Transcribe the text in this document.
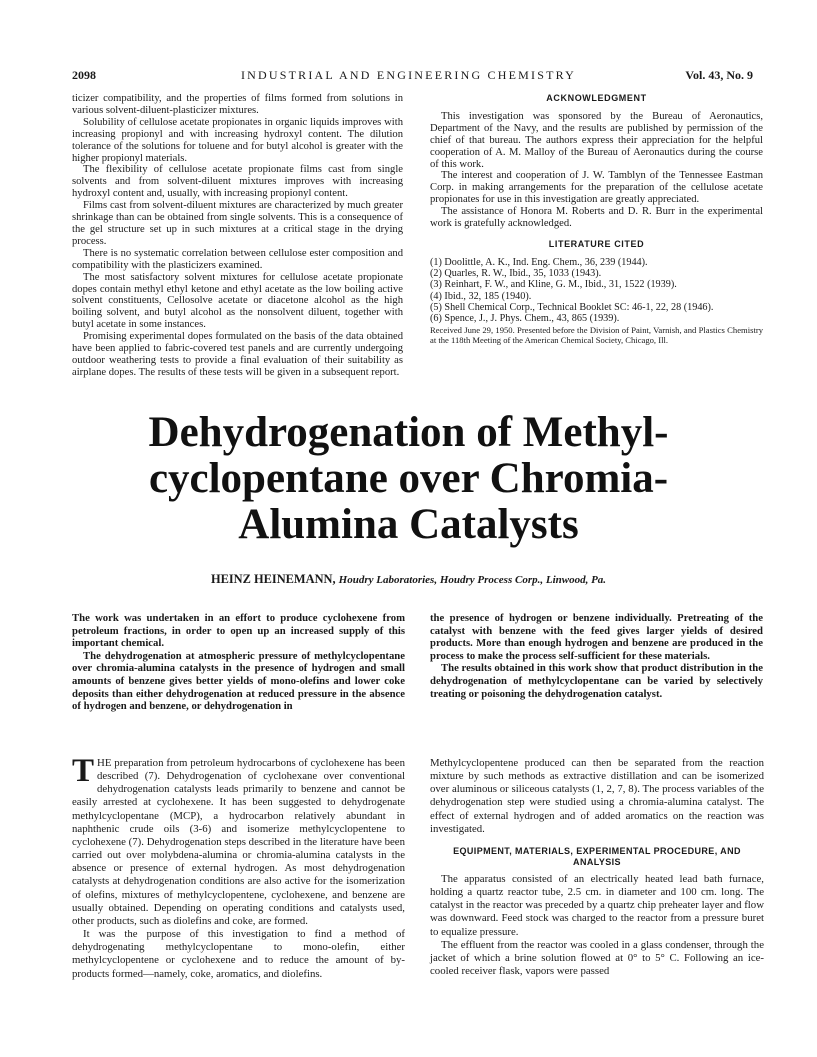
2098	INDUSTRIAL AND ENGINEERING CHEMISTRY	Vol. 43, No. 9

ticizer compatibility, and the properties of films formed from solutions in various solvent-diluent-plasticizer mixtures.

Solubility of cellulose acetate propionates in organic liquids improves with increasing propionyl and with increasing hydroxyl content. The dilution tolerance of the solutions for toluene and for butyl alcohol is greater with the higher propionyl materials.

The flexibility of cellulose acetate propionate films cast from single solvents and from solvent-diluent mixtures improves with increasing hydroxyl content and, usually, with increasing propionyl content.

Films cast from solvent-diluent mixtures are characterized by much greater shrinkage than can be obtained from single solvents. This is a consequence of the gel structure set up in such mixtures at a critical stage in the drying process.

There is no systematic correlation between cellulose ester composition and compatibility with the plasticizers examined.

The most satisfactory solvent mixtures for cellulose acetate propionate dopes contain methyl ethyl ketone and ethyl acetate as the low boiling active solvent constituents, Cellosolve acetate or diacetone alcohol as the high boiling solvent, and butyl alcohol as the nonsolvent diluent, together with butyl acetate in some instances.

Promising experimental dopes formulated on the basis of the data obtained have been applied to fabric-covered test panels and are currently undergoing outdoor weathering tests to provide a final evaluation of their suitability as airplane dopes. The results of these tests will be given in a subsequent report.

ACKNOWLEDGMENT

This investigation was sponsored by the Bureau of Aeronautics, Department of the Navy, and the results are published by permission of the chief of that bureau. The authors express their appreciation for the helpful cooperation of A. M. Malloy of the Bureau of Aeronautics during the course of this work.

The interest and cooperation of J. W. Tamblyn of the Tennessee Eastman Corp. in making arrangements for the preparation of the cellulose acetate propionates for use in this investigation are greatly appreciated.

The assistance of Honora M. Roberts and D. R. Burr in the experimental work is gratefully acknowledged.

LITERATURE CITED

(1) Doolittle, A. K., Ind. Eng. Chem., 36, 239 (1944).

(2) Quarles, R. W., Ibid., 35, 1033 (1943).

(3) Reinhart, F. W., and Kline, G. M., Ibid., 31, 1522 (1939).

(4) Ibid., 32, 185 (1940).

(5) Shell Chemical Corp., Technical Booklet SC: 46-1, 22, 28 (1946).

(6) Spence, J., J. Phys. Chem., 43, 865 (1939).

Received June 29, 1950. Presented before the Division of Paint, Varnish, and Plastics Chemistry at the 118th Meeting of the American Chemical Society, Chicago, Ill.

Dehydrogenation of Methyl-
cyclopentane over Chromia-
Alumina Catalysts
HEINZ HEINEMANN, Houdry Laboratories, Houdry Process Corp., Linwood, Pa.

The work was undertaken in an effort to produce cyclohexene from petroleum fractions, in order to open up an increased supply of this important chemical.

The dehydrogenation at atmospheric pressure of methylcyclopentane over chromia-alumina catalysts in the presence of hydrogen and small amounts of benzene gives better yields of mono-olefins and lower coke deposits than either dehydrogenation at reduced pressure in the absence of hydrogen and benzene, or dehydrogenation in

the presence of hydrogen or benzene individually. Pretreating of the catalyst with benzene with the feed gives larger yields of desired products. More than enough hydrogen and benzene are produced in the process to make the process self-sufficient for these materials.

The results obtained in this work show that product distribution in the dehydrogenation of methylcyclopentane can be varied by selectively treating or poisoning the dehydrogenation catalyst.

THE preparation from petroleum hydrocarbons of cyclohexene has been described (7). Dehydrogenation of cyclohexane over conventional dehydrogenation catalysts leads primarily to benzene and cannot be easily arrested at cyclohexene. It has been suggested to dehydrogenate methylcyclopentane (MCP), a hydrocarbon relatively abundant in naphthenic crude oils (3-6) and isomerize methylcyclopentene to cyclohexene (7). Dehydrogenation steps described in the literature have been carried out over molybdena-alumina or chromia-alumina catalysts in the absence or presence of external hydrogen. As most dehydrogenation catalysts at dehydrogenation conditions are also active for the isomerization of olefins, mixtures of methylcyclopentene, cyclohexene, and benzene are usually obtained. Depending on operating conditions and catalysts used, other products, such as diolefins and coke, are formed.

It was the purpose of this investigation to find a method of dehydrogenating methylcyclopentane to mono-olefin, either methylcyclopentene or cyclohexene and to reduce the amount of by-products formed—namely, coke, aromatics, and diolefins.

Methylcyclopentene produced can then be separated from the reaction mixture by such methods as extractive distillation and can be isomerized over aluminous or siliceous catalysts (1, 2, 7, 8). The process variables of the dehydrogenation step were studied using a chromia-alumina catalyst. The effect of external hydrogen and of added aromatics on the reaction was investigated.

EQUIPMENT, MATERIALS, EXPERIMENTAL PROCEDURE, AND ANALYSIS

The apparatus consisted of an electrically heated lead bath furnace, holding a quartz reactor tube, 2.5 cm. in diameter and 100 cm. long. The catalyst in the reactor was preceded by a quartz chip preheater layer and flow was downward. Feed stock was charged to the reactor from a pressure buret to equalize pressure.

The effluent from the reactor was cooled in a glass condenser, through the jacket of which a brine solution flowed at 0° to 5° C. Following an ice-cooled receiver flask, vapors were passed
